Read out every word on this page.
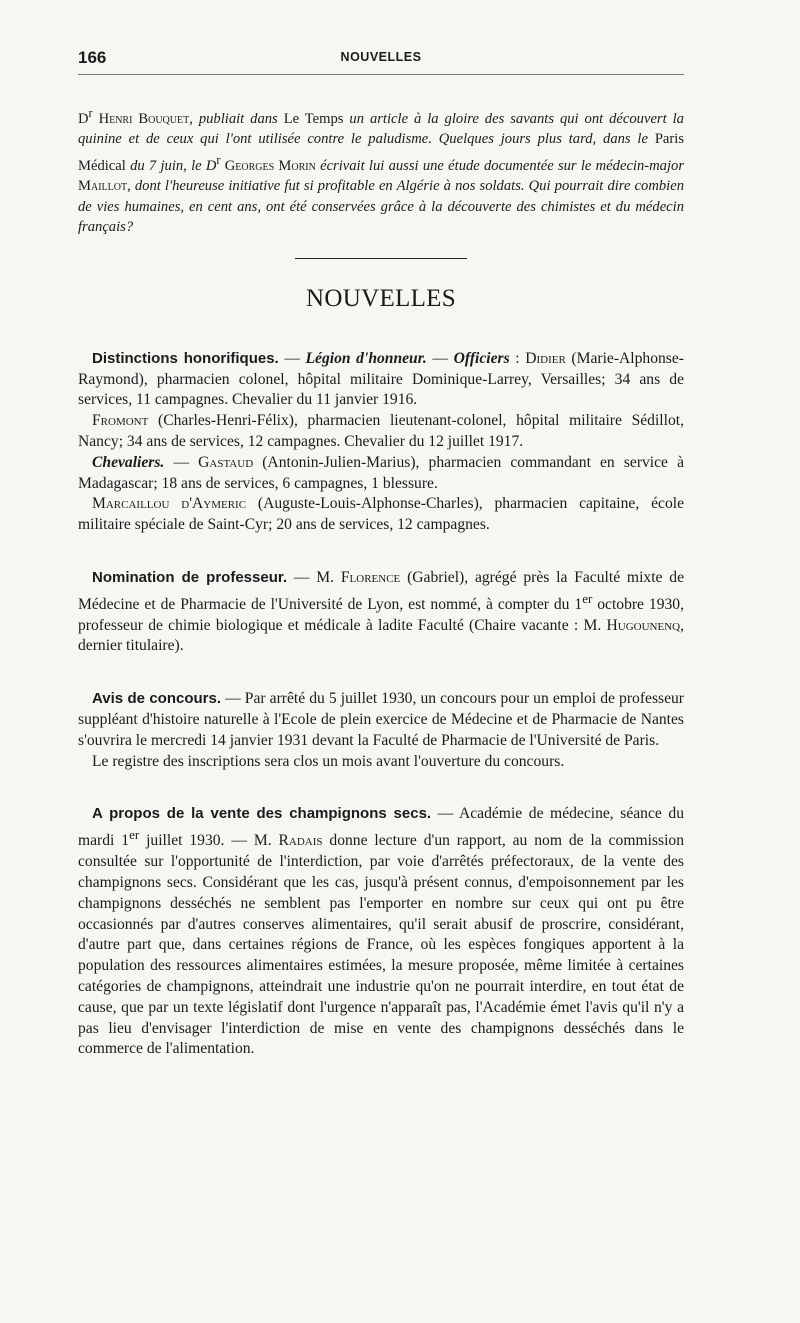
166	NOUVELLES

$D^r$ Henri Bouquet, publiait dans Le Temps un article à la gloire des savants qui ont découvert la quinine et de ceux qui l'ont utilisée contre le paludisme. Quelques jours plus tard, dans le Paris Médical du 7 juin, le $D^r$ Georges Morin écrivait lui aussi une étude documentée sur le médecin-major Maillot, dont l'heureuse initiative fut si profitable en Algérie à nos soldats. Qui pourrait dire combien de vies humaines, en cent ans, ont été conservées grâce à la découverte des chimistes et du médecin français?

NOUVELLES

Distinctions honorifiques. — Légion d'honneur. — Officiers : Didier (Marie-Alphonse-Raymond), pharmacien colonel, hôpital militaire Dominique-Larrey, Versailles; 34 ans de services, 11 campagnes. Chevalier du 11 janvier 1916.

Fromont (Charles-Henri-Félix), pharmacien lieutenant-colonel, hôpital militaire Sédillot, Nancy; 34 ans de services, 12 campagnes. Chevalier du 12 juillet 1917.

Chevaliers. — Gastaud (Antonin-Julien-Marius), pharmacien commandant en service à Madagascar; 18 ans de services, 6 campagnes, 1 blessure.

Marcaillou d'Aymeric (Auguste-Louis-Alphonse-Charles), pharmacien capitaine, école militaire spéciale de Saint-Cyr; 20 ans de services, 12 campagnes.

Nomination de professeur. — M. Florence (Gabriel), agrégé près la Faculté mixte de Médecine et de Pharmacie de l'Université de Lyon, est nommé, à compter du 1er octobre 1930, professeur de chimie biologique et médicale à ladite Faculté (Chaire vacante : M. Hugounenq, dernier titulaire).

Avis de concours. — Par arrêté du 5 juillet 1930, un concours pour un emploi de professeur suppléant d'histoire naturelle à l'Ecole de plein exercice de Médecine et de Pharmacie de Nantes s'ouvrira le mercredi 14 janvier 1931 devant la Faculté de Pharmacie de l'Université de Paris.

Le registre des inscriptions sera clos un mois avant l'ouverture du concours.

A propos de la vente des champignons secs. — Académie de médecine, séance du mardi 1er juillet 1930. — M. Radais donne lecture d'un rapport, au nom de la commission consultée sur l'opportunité de l'interdiction, par voie d'arrêtés préfectoraux, de la vente des champignons secs. Considérant que les cas, jusqu'à présent connus, d'empoisonnement par les champignons desséchés ne semblent pas l'emporter en nombre sur ceux qui ont pu être occasionnés par d'autres conserves alimentaires, qu'il serait abusif de proscrire, considérant, d'autre part que, dans certaines régions de France, où les espèces fongiques apportent à la population des ressources alimentaires estimées, la mesure proposée, même limitée à certaines catégories de champignons, atteindrait une industrie qu'on ne pourrait interdire, en tout état de cause, que par un texte législatif dont l'urgence n'apparaît pas, l'Académie émet l'avis qu'il n'y a pas lieu d'envisager l'interdiction de mise en vente des champignons desséchés dans le commerce de l'alimentation.
